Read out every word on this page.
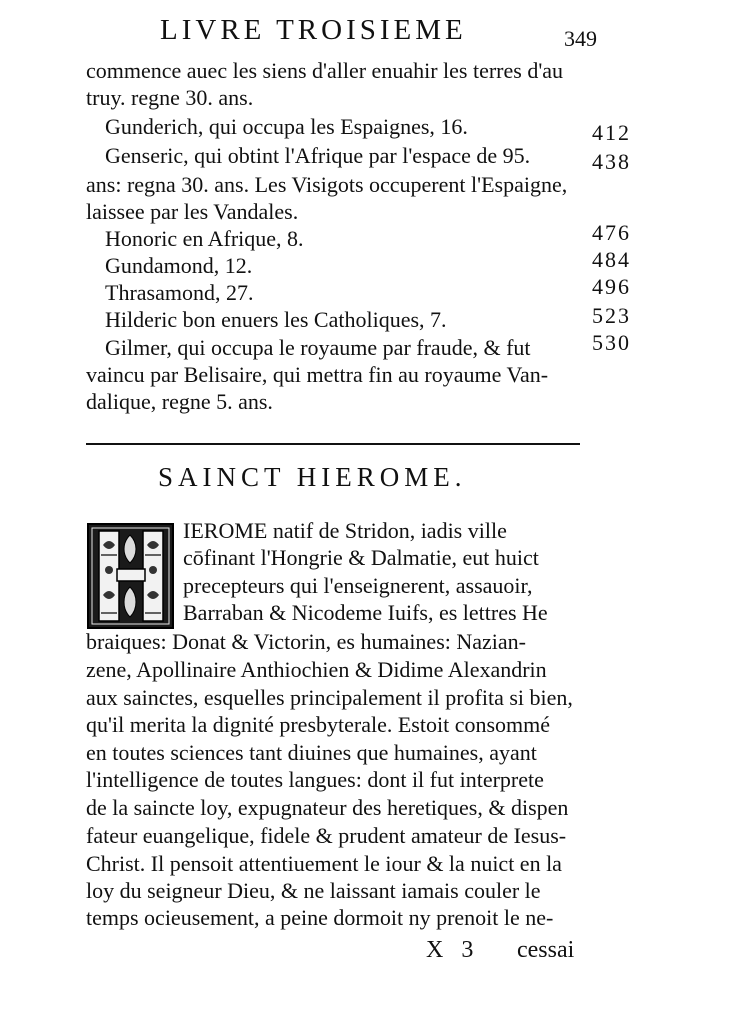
LIVRE TROISIEME	349
commence auec les siens d'aller enuahir les terres d'au
truy. regne 30. ans.
Gunderich, qui occupa les Espaignes, 16.
Genseric, qui obtint l'Afrique par l'espace de 95.
ans: regna 30. ans. Les Visigots occuperent l'Espaigne,
laissee par les Vandales.
Honoric en Afrique, 8.
Gundamond, 12.
Thrasamond, 27.
Hilderic bon enuers les Catholiques, 7.
Gilmer, qui occupa le royaume par fraude, & fut
vaincu par Belisaire, qui mettra fin au royaume Van-
dalique, regne 5. ans.
412
438
476
484
496
523
530
SAINCT HIEROME.
IEROME natif de Stridon, iadis ville
cōfinant l'Hongrie & Dalmatie, eut huict
precepteurs qui l'enseignerent, assauoir,
Barraban & Nicodeme Iuifs, es lettres He
braiques: Donat & Victorin, es humaines: Nazian-
zene, Apollinaire Anthiochien & Didime Alexandrin
aux sainctes, esquelles principalement il profita si bien,
qu'il merita la dignité presbyterale. Estoit consommé
en toutes sciences tant diuines que humaines, ayant
l'intelligence de toutes langues: dont il fut interprete
de la saincte loy, expugnateur des heretiques, & dispen
fateur euangelique, fidele & prudent amateur de Iesus-
Christ. Il pensoit attentiuement le iour & la nuict en la
loy du seigneur Dieu, & ne laissant iamais couler le
temps ocieusement, a peine dormoit ny prenoit le ne-
X 3 cessai
